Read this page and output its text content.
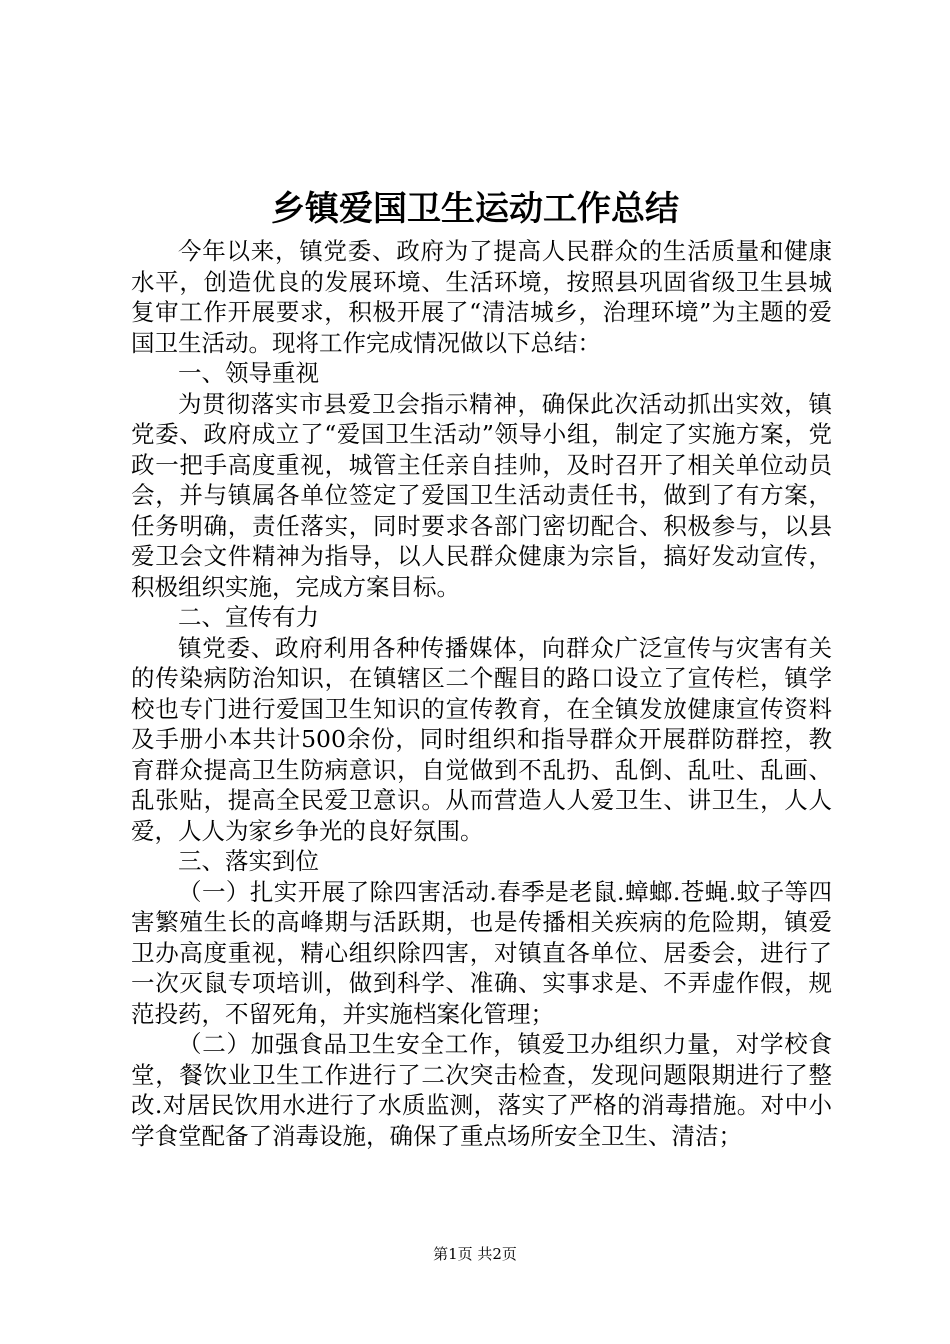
乡镇爱国卫生运动工作总结

今年以来，镇党委、政府为了提高人民群众的生活质量和健康水平，创造优良的发展环境、生活环境，按照县巩固省级卫生县城复审工作开展要求，积极开展了“清洁城乡，治理环境”为主题的爱国卫生活动。现将工作完成情况做以下总结：

一、领导重视

为贯彻落实市县爱卫会指示精神，确保此次活动抓出实效，镇党委、政府成立了“爱国卫生活动”领导小组，制定了实施方案，党政一把手高度重视，城管主任亲自挂帅，及时召开了相关单位动员会，并与镇属各单位签定了爱国卫生活动责任书，做到了有方案，任务明确，责任落实，同时要求各部门密切配合、积极参与，以县爱卫会文件精神为指导，以人民群众健康为宗旨，搞好发动宣传，积极组织实施，完成方案目标。

二、宣传有力

镇党委、政府利用各种传播媒体，向群众广泛宣传与灾害有关的传染病防治知识，在镇辖区二个醒目的路口设立了宣传栏，镇学校也专门进行爱国卫生知识的宣传教育，在全镇发放健康宣传资料及手册小本共计500余份，同时组织和指导群众开展群防群控，教育群众提高卫生防病意识，自觉做到不乱扔、乱倒、乱吐、乱画、乱张贴，提高全民爱卫意识。从而营造人人爱卫生、讲卫生，人人爱，人人为家乡争光的良好氛围。

三、落实到位

（一）扎实开展了除四害活动.春季是老鼠.蟑螂.苍蝇.蚊子等四害繁殖生长的高峰期与活跃期，也是传播相关疾病的危险期，镇爱卫办高度重视，精心组织除四害，对镇直各单位、居委会，进行了一次灭鼠专项培训，做到科学、准确、实事求是、不弄虚作假，规范投药，不留死角，并实施档案化管理；

（二）加强食品卫生安全工作，镇爱卫办组织力量，对学校食堂，餐饮业卫生工作进行了二次突击检查，发现问题限期进行了整改.对居民饮用水进行了水质监测，落实了严格的消毒措施。对中小学食堂配备了消毒设施，确保了重点场所安全卫生、清洁；

第1页 共2页
